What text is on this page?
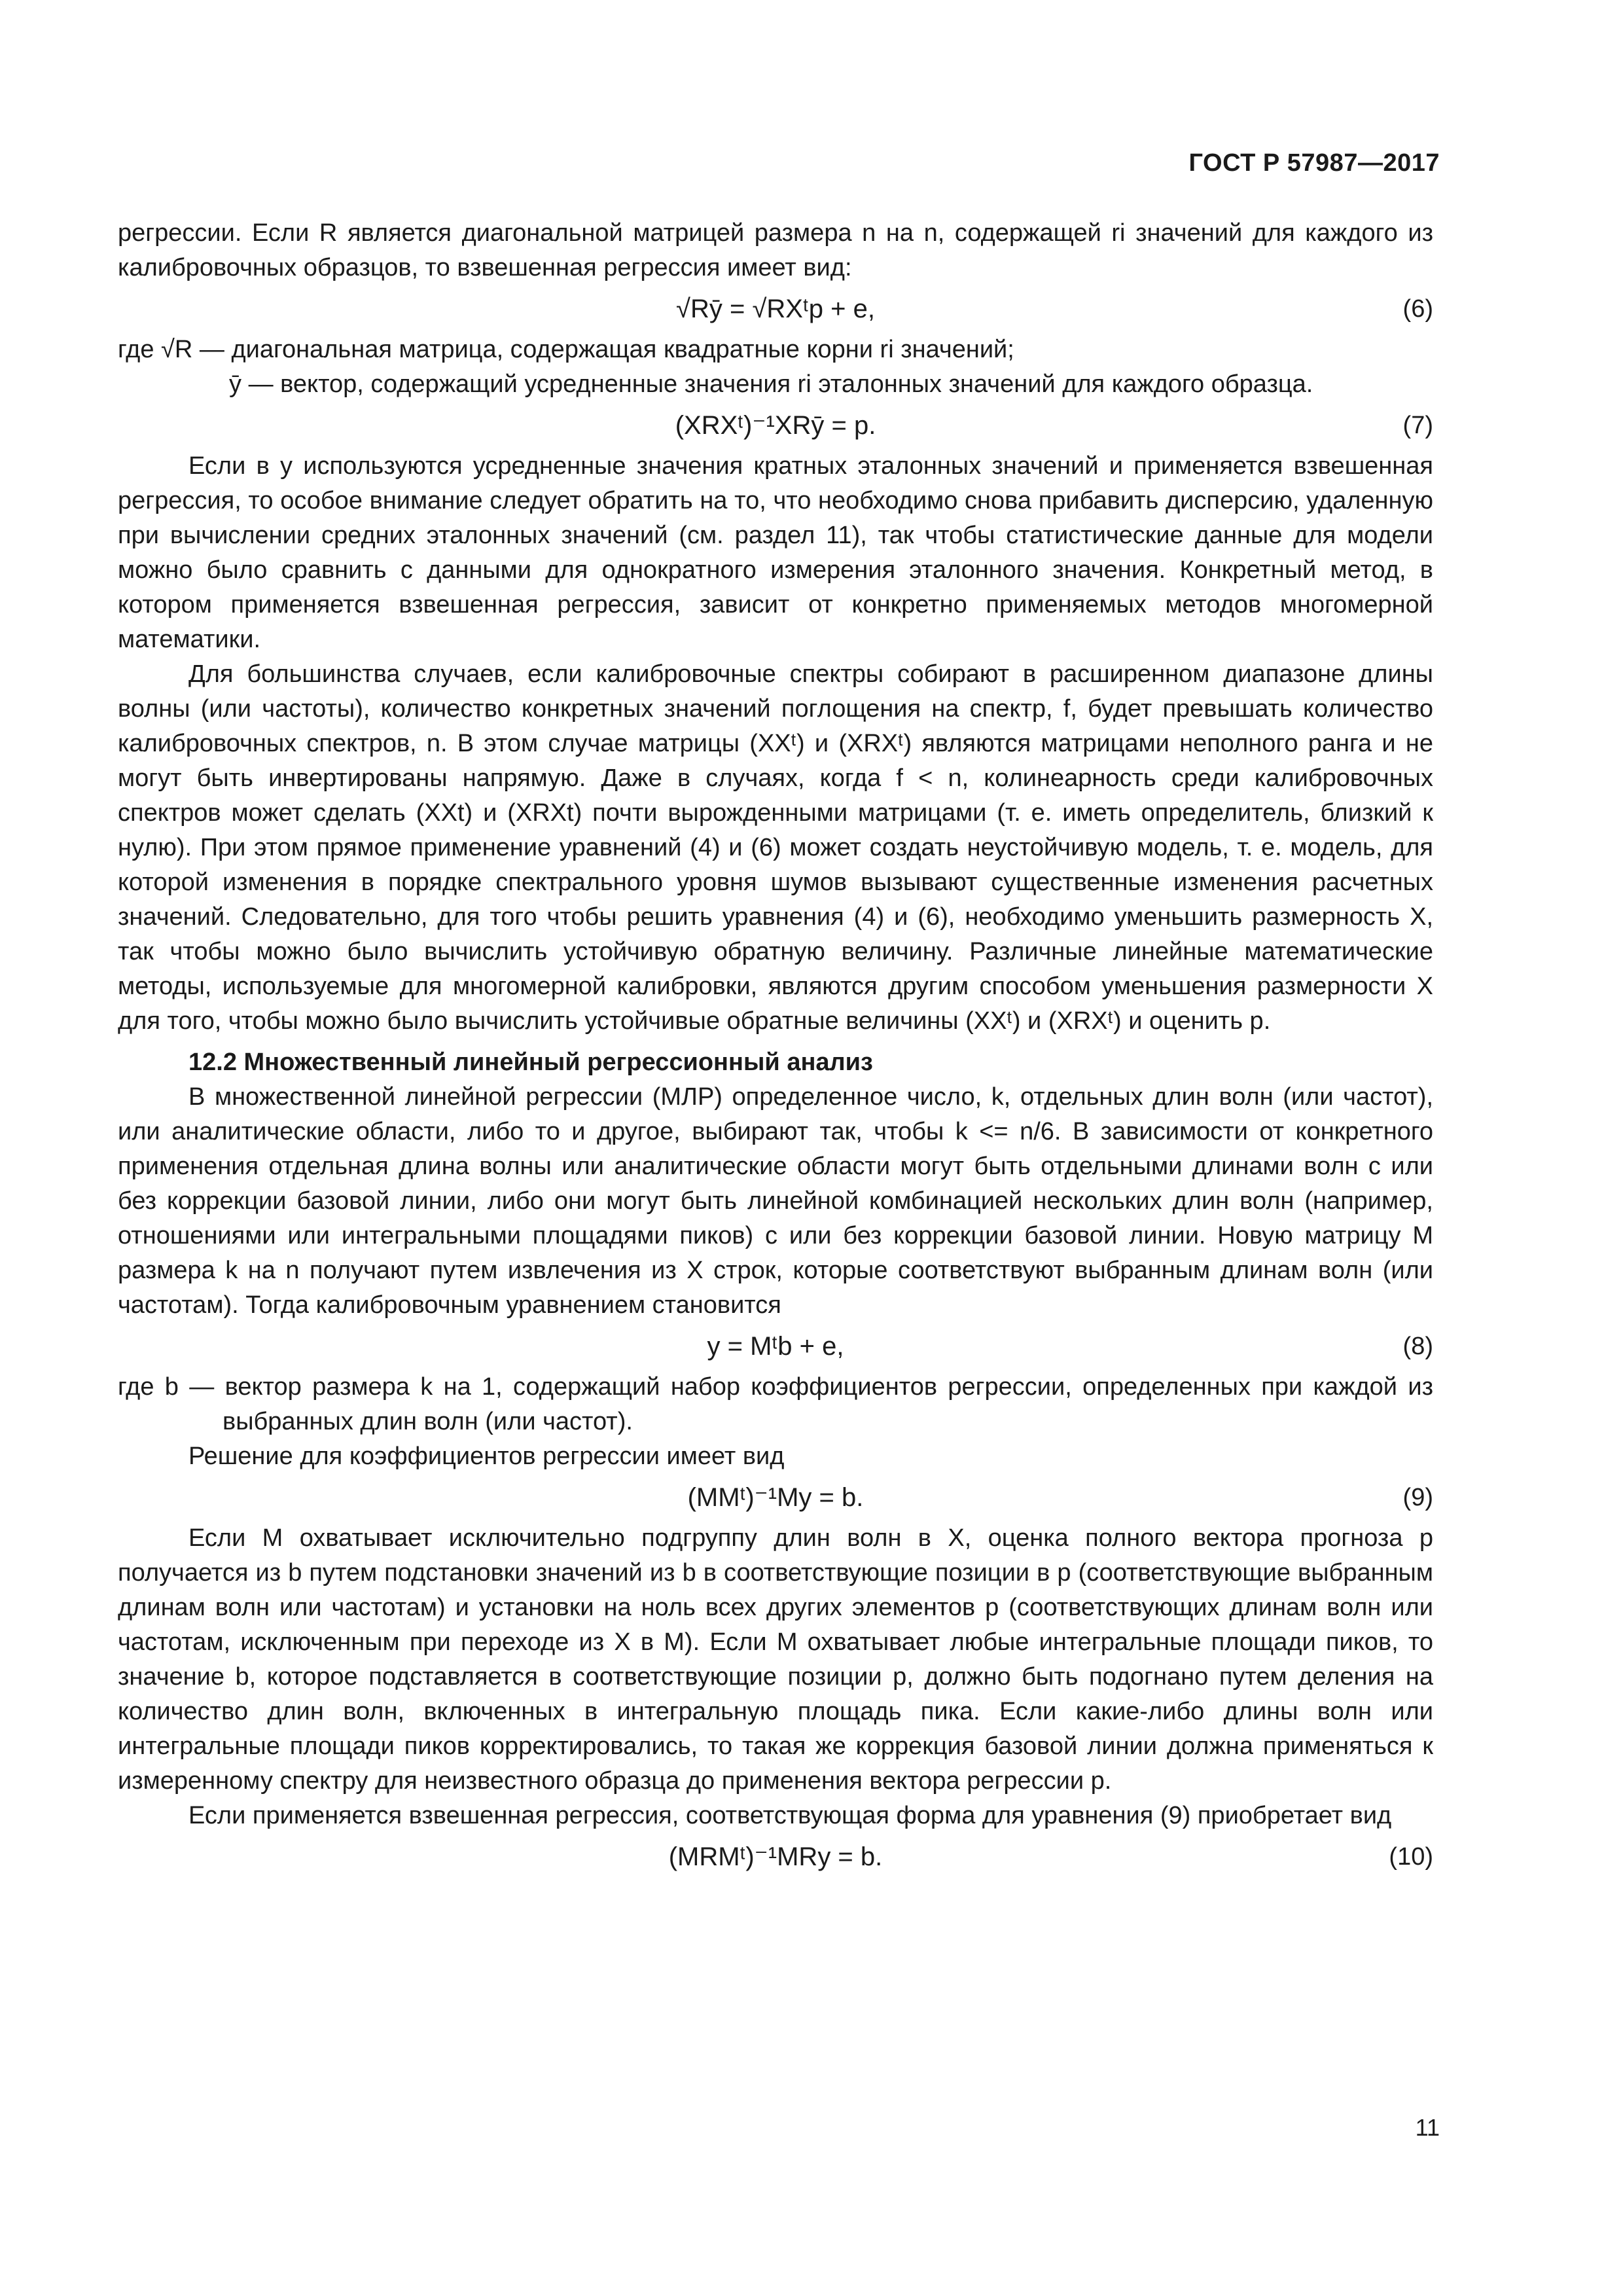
ГОСТ Р 57987—2017

регрессии. Если R является диагональной матрицей размера n на n, содержащей ri значений для каждого из калибровочных образцов, то взвешенная регрессия имеет вид:

√Rȳ = √RXᵗp + e,	(6)

где √R — диагональная матрица, содержащая квадратные корни ri значений;

ȳ — вектор, содержащий усредненные значения ri эталонных значений для каждого образца.

(XRXᵗ)⁻¹XRȳ = p.	(7)

Если в y используются усредненные значения кратных эталонных значений и применяется взвешенная регрессия, то особое внимание следует обратить на то, что необходимо снова прибавить дисперсию, удаленную при вычислении средних эталонных значений (см. раздел 11), так чтобы статистические данные для модели можно было сравнить с данными для однократного измерения эталонного значения. Конкретный метод, в котором применяется взвешенная регрессия, зависит от конкретно применяемых методов многомерной математики.

Для большинства случаев, если калибровочные спектры собирают в расширенном диапазоне длины волны (или частоты), количество конкретных значений поглощения на спектр, f, будет превышать количество калибровочных спектров, n. В этом случае матрицы (XXᵗ) и (XRXᵗ) являются матрицами неполного ранга и не могут быть инвертированы напрямую. Даже в случаях, когда f < n, колинеарность среди калибровочных спектров может сделать (XXt) и (XRXt) почти вырожденными матрицами (т. е. иметь определитель, близкий к нулю). При этом прямое применение уравнений (4) и (6) может создать неустойчивую модель, т. е. модель, для которой изменения в порядке спектрального уровня шумов вызывают существенные изменения расчетных значений. Следовательно, для того чтобы решить уравнения (4) и (6), необходимо уменьшить размерность X, так чтобы можно было вычислить устойчивую обратную величину. Различные линейные математические методы, используемые для многомерной калибровки, являются другим способом уменьшения размерности X для того, чтобы можно было вычислить устойчивые обратные величины (XXᵗ) и (XRXᵗ) и оценить p.

12.2 Множественный линейный регрессионный анализ

В множественной линейной регрессии (МЛР) определенное число, k, отдельных длин волн (или частот), или аналитические области, либо то и другое, выбирают так, чтобы k <= n/6. В зависимости от конкретного применения отдельная длина волны или аналитические области могут быть отдельными длинами волн с или без коррекции базовой линии, либо они могут быть линейной комбинацией нескольких длин волн (например, отношениями или интегральными площадями пиков) с или без коррекции базовой линии. Новую матрицу M размера k на n получают путем извлечения из X строк, которые соответствуют выбранным длинам волн (или частотам). Тогда калибровочным уравнением становится

y = Mᵗb + e,	(8)

где b — вектор размера k на 1, содержащий набор коэффициентов регрессии, определенных при каждой из выбранных длин волн (или частот).

Решение для коэффициентов регрессии имеет вид

(MMᵗ)⁻¹My = b.	(9)

Если M охватывает исключительно подгруппу длин волн в X, оценка полного вектора прогноза p получается из b путем подстановки значений из b в соответствующие позиции в p (соответствующие выбранным длинам волн или частотам) и установки на ноль всех других элементов p (соответствующих длинам волн или частотам, исключенным при переходе из X в M). Если M охватывает любые интегральные площади пиков, то значение b, которое подставляется в соответствующие позиции p, должно быть подогнано путем деления на количество длин волн, включенных в интегральную площадь пика. Если какие-либо длины волн или интегральные площади пиков корректировались, то такая же коррекция базовой линии должна применяться к измеренному спектру для неизвестного образца до применения вектора регрессии p.

Если применяется взвешенная регрессия, соответствующая форма для уравнения (9) приобретает вид

(MRMᵗ)⁻¹MRy = b.	(10)
11
